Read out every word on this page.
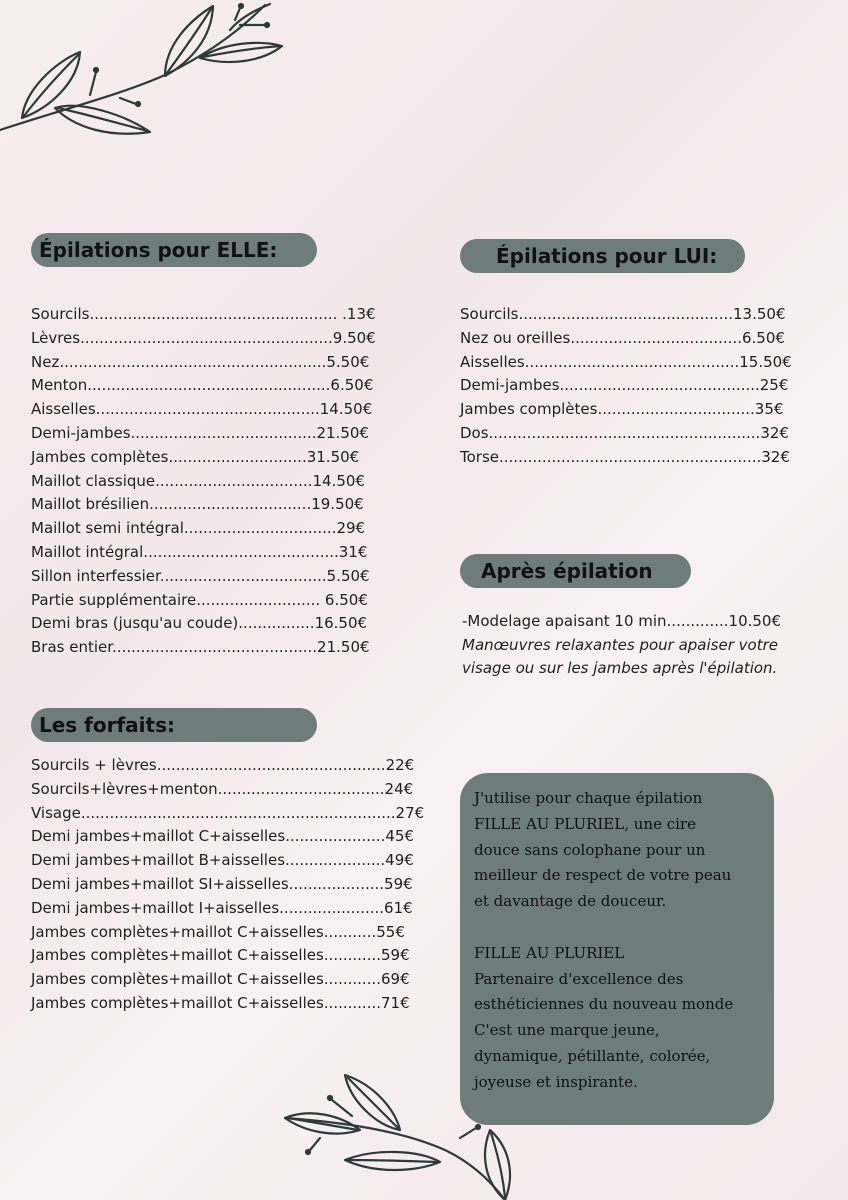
Épilations pour ELLE:
Sourcils.................................................... .13€
Lèvres.....................................................9.50€
Nez........................................................5.50€
Menton...................................................6.50€
Aisselles...............................................14.50€
Demi-jambes.......................................21.50€
Jambes complètes.............................31.50€
Maillot classique.................................14.50€
Maillot brésilien..................................19.50€
Maillot semi intégral................................29€
Maillot intégral.........................................31€
Sillon interfessier...................................5.50€
Partie supplémentaire.......................... 6.50€
Demi bras (jusqu'au coude)................16.50€
Bras entier...........................................21.50€
Épilations pour LUI:
Sourcils.............................................13.50€
Nez ou oreilles....................................6.50€
Aisselles.............................................15.50€
Demi-jambes..........................................25€
Jambes complètes.................................35€
Dos.........................................................32€
Torse.......................................................32€
Après épilation
-Modelage apaisant 10 min.............10.50€
Manœuvres relaxantes pour apaiser votre
visage ou sur les jambes après l'épilation.
Les forfaits:
Sourcils + lèvres................................................22€
Sourcils+lèvres+menton...................................24€
Visage..................................................................27€
Demi jambes+maillot C+aisselles.....................45€
Demi jambes+maillot B+aisselles.....................49€
Demi jambes+maillot SI+aisselles....................59€
Demi jambes+maillot I+aisselles......................61€
Jambes complètes+maillot C+aisselles...........55€
Jambes complètes+maillot C+aisselles............59€
Jambes complètes+maillot C+aisselles............69€
Jambes complètes+maillot C+aisselles............71€

J'utilise pour chaque épilation

FILLE AU PLURIEL, une cire

douce sans colophane pour un

meilleur de respect de votre peau

et davantage de douceur.

FILLE AU PLURIEL

Partenaire d'excellence des

esthéticiennes du nouveau monde

C'est une marque jeune,

dynamique, pétillante, colorée,

joyeuse et inspirante.
